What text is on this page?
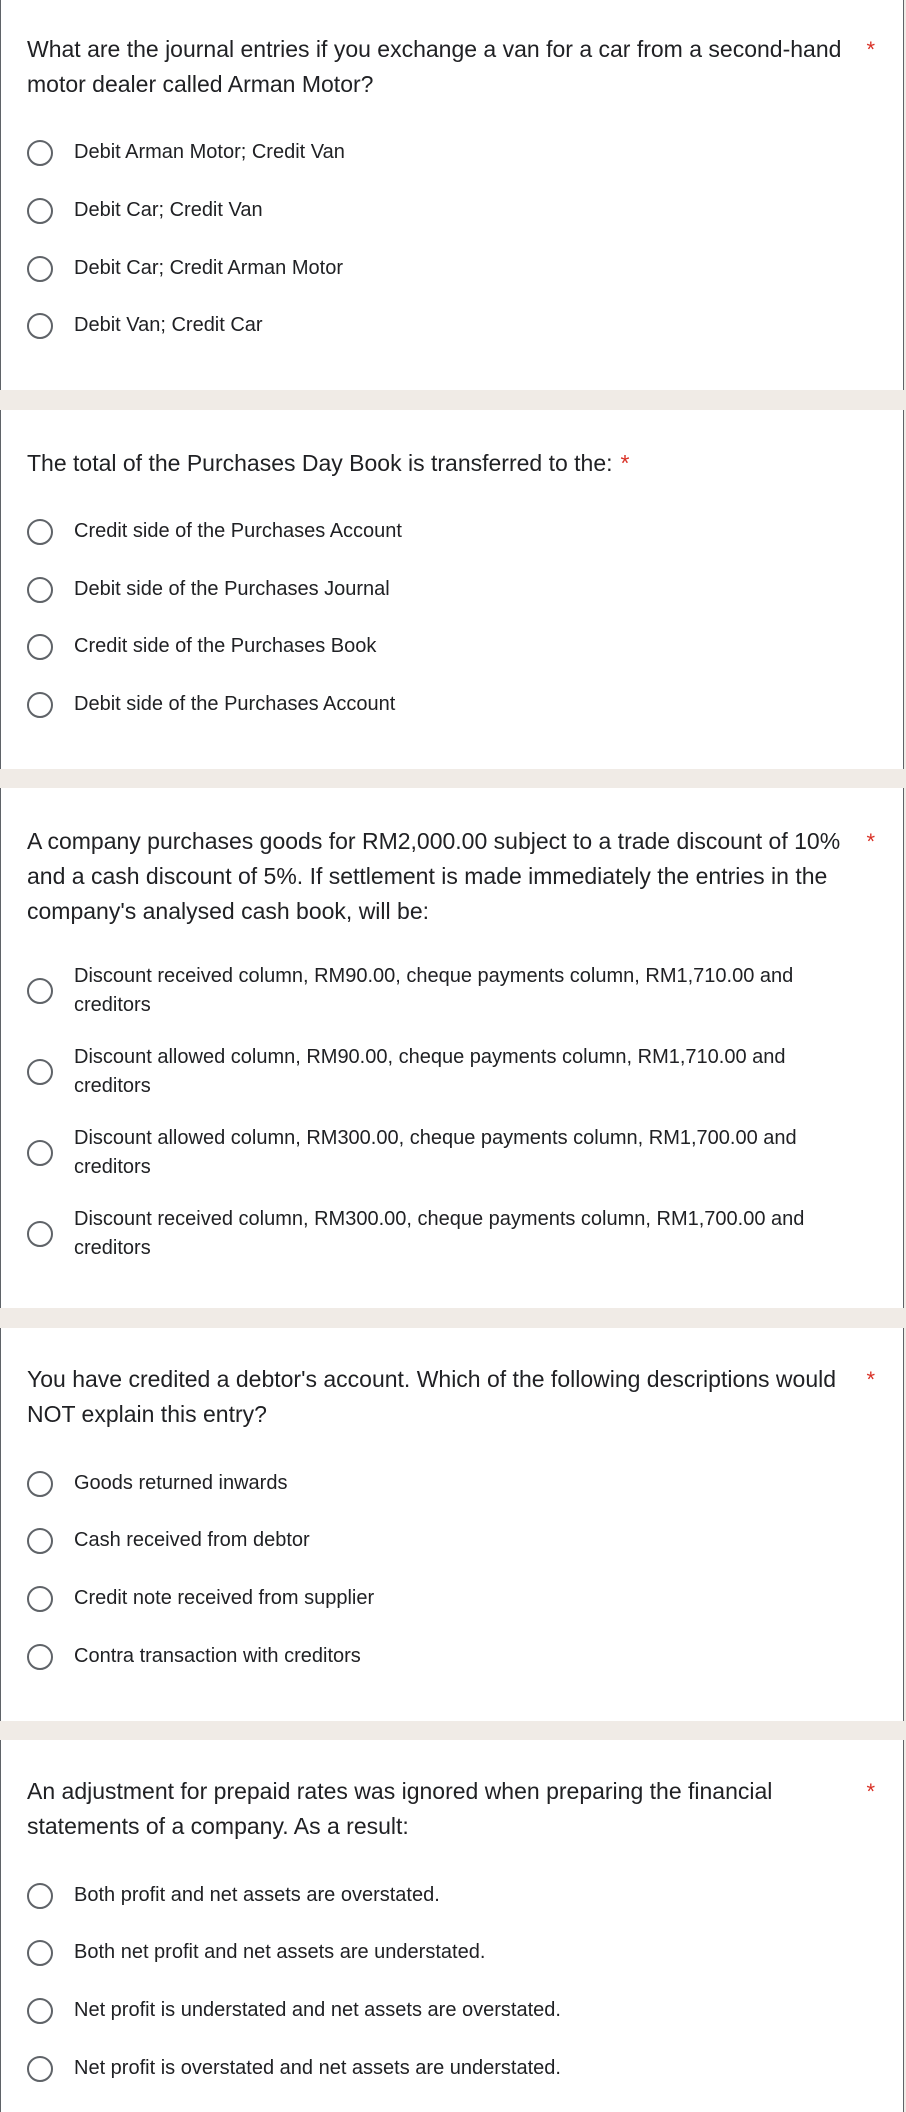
What are the journal entries if you exchange a van for a car from a second-hand motor dealer called Arman Motor?
*
Debit Arman Motor; Credit Van
Debit Car; Credit Van
Debit Car; Credit Arman Motor
Debit Van; Credit Car
The total of the Purchases Day Book is transferred to the: *
Credit side of the Purchases Account
Debit side of the Purchases Journal
Credit side of the Purchases Book
Debit side of the Purchases Account
A company purchases goods for RM2,000.00 subject to a trade discount of 10% and a cash discount of 5%. If settlement is made immediately the entries in the company's analysed cash book, will be:
*
Discount received column, RM90.00, cheque payments column, RM1,710.00 and creditors
Discount allowed column, RM90.00, cheque payments column, RM1,710.00 and creditors
Discount allowed column, RM300.00, cheque payments column, RM1,700.00 and creditors
Discount received column, RM300.00, cheque payments column, RM1,700.00 and creditors
You have credited a debtor's account. Which of the following descriptions would NOT explain this entry?
*
Goods returned inwards
Cash received from debtor
Credit note received from supplier
Contra transaction with creditors
An adjustment for prepaid rates was ignored when preparing the financial statements of a company. As a result:
*
Both profit and net assets are overstated.
Both net profit and net assets are understated.
Net profit is understated and net assets are overstated.
Net profit is overstated and net assets are understated.
